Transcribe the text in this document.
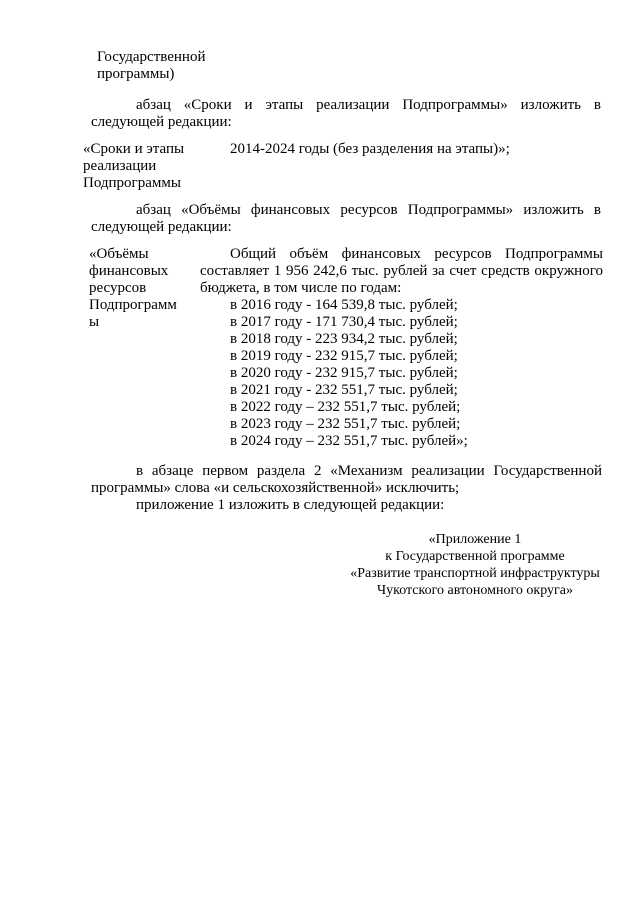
Государственной
программы)
абзац «Сроки и этапы реализации Подпрограммы» изложить в
следующей редакции:
«Сроки и этапы
реализации
Подпрограммы
2014-2024 годы (без разделения на этапы)»;
абзац «Объёмы финансовых ресурсов Подпрограммы» изложить в
следующей редакции:
«Объёмы
финансовых
ресурсов
Подпрограмм
ы
Общий объём финансовых ресурсов Подпрограммы
составляет 1 956 242,6 тыс. рублей за счет средств окружного
бюджета, в том числе по годам:
в 2016 году - 164 539,8 тыс. рублей;
в 2017 году - 171 730,4 тыс. рублей;
в 2018 году - 223 934,2 тыс. рублей;
в 2019 году - 232 915,7 тыс. рублей;
в 2020 году - 232 915,7 тыс. рублей;
в 2021 году - 232 551,7 тыс. рублей;
в 2022 году – 232 551,7 тыс. рублей;
в 2023 году – 232 551,7 тыс. рублей;
в 2024 году – 232 551,7 тыс. рублей»;
в абзаце первом раздела 2 «Механизм реализации Государственной
программы» слова «и сельскохозяйственной» исключить;
приложение 1 изложить в следующей редакции:
«Приложение 1
к Государственной программе
«Развитие транспортной инфраструктуры
Чукотского автономного округа»
